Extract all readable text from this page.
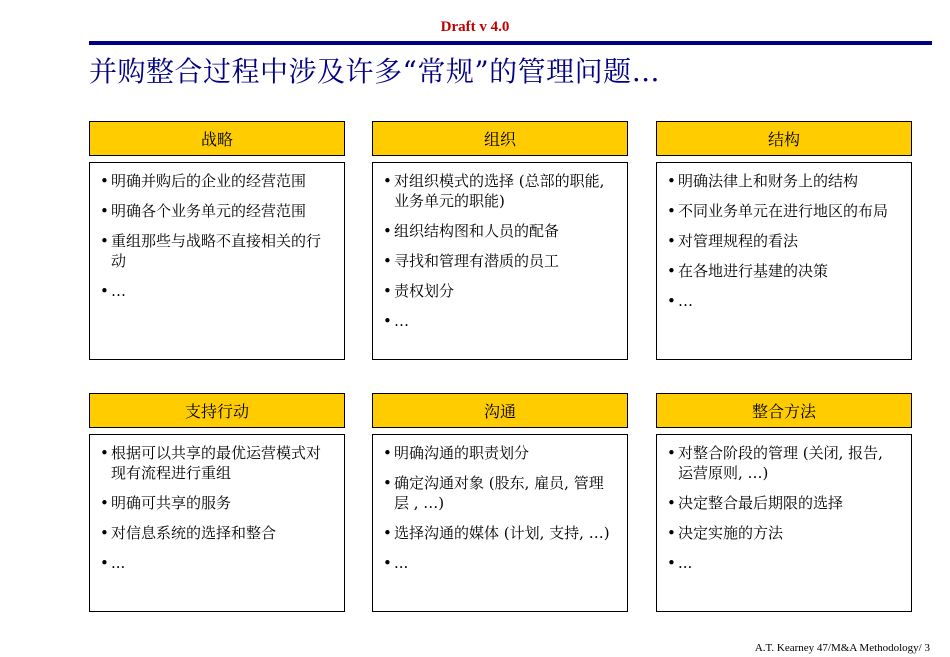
Draft v 4.0
并购整合过程中涉及许多“常规”的管理问题…
战略
• 明确并购后的企业的经营范围
• 明确各个业务单元的经营范围
• 重组那些与战略不直接相关的行动
• …
组织
• 对组织模式的选择 (总部的职能, 业务单元的职能)
• 组织结构图和人员的配备
• 寻找和管理有潜质的员工
• 责权划分
• …
结构
• 明确法律上和财务上的结构
• 不同业务单元在进行地区的布局
• 对管理规程的看法
• 在各地进行基建的决策
• …
支持行动
• 根据可以共享的最优运营模式对现有流程进行重组
• 明确可共享的服务
• 对信息系统的选择和整合
• ...
沟通
• 明确沟通的职责划分
• 确定沟通对象 (股东, 雇员, 管理层 , …)
• 选择沟通的媒体 (计划, 支持, …)
• ...
整合方法
• 对整合阶段的管理 (关闭, 报告, 运营原则, …)
• 决定整合最后期限的选择
• 决定实施的方法
• ...
A.T. Kearney 47/M&A Methodology/ 3
